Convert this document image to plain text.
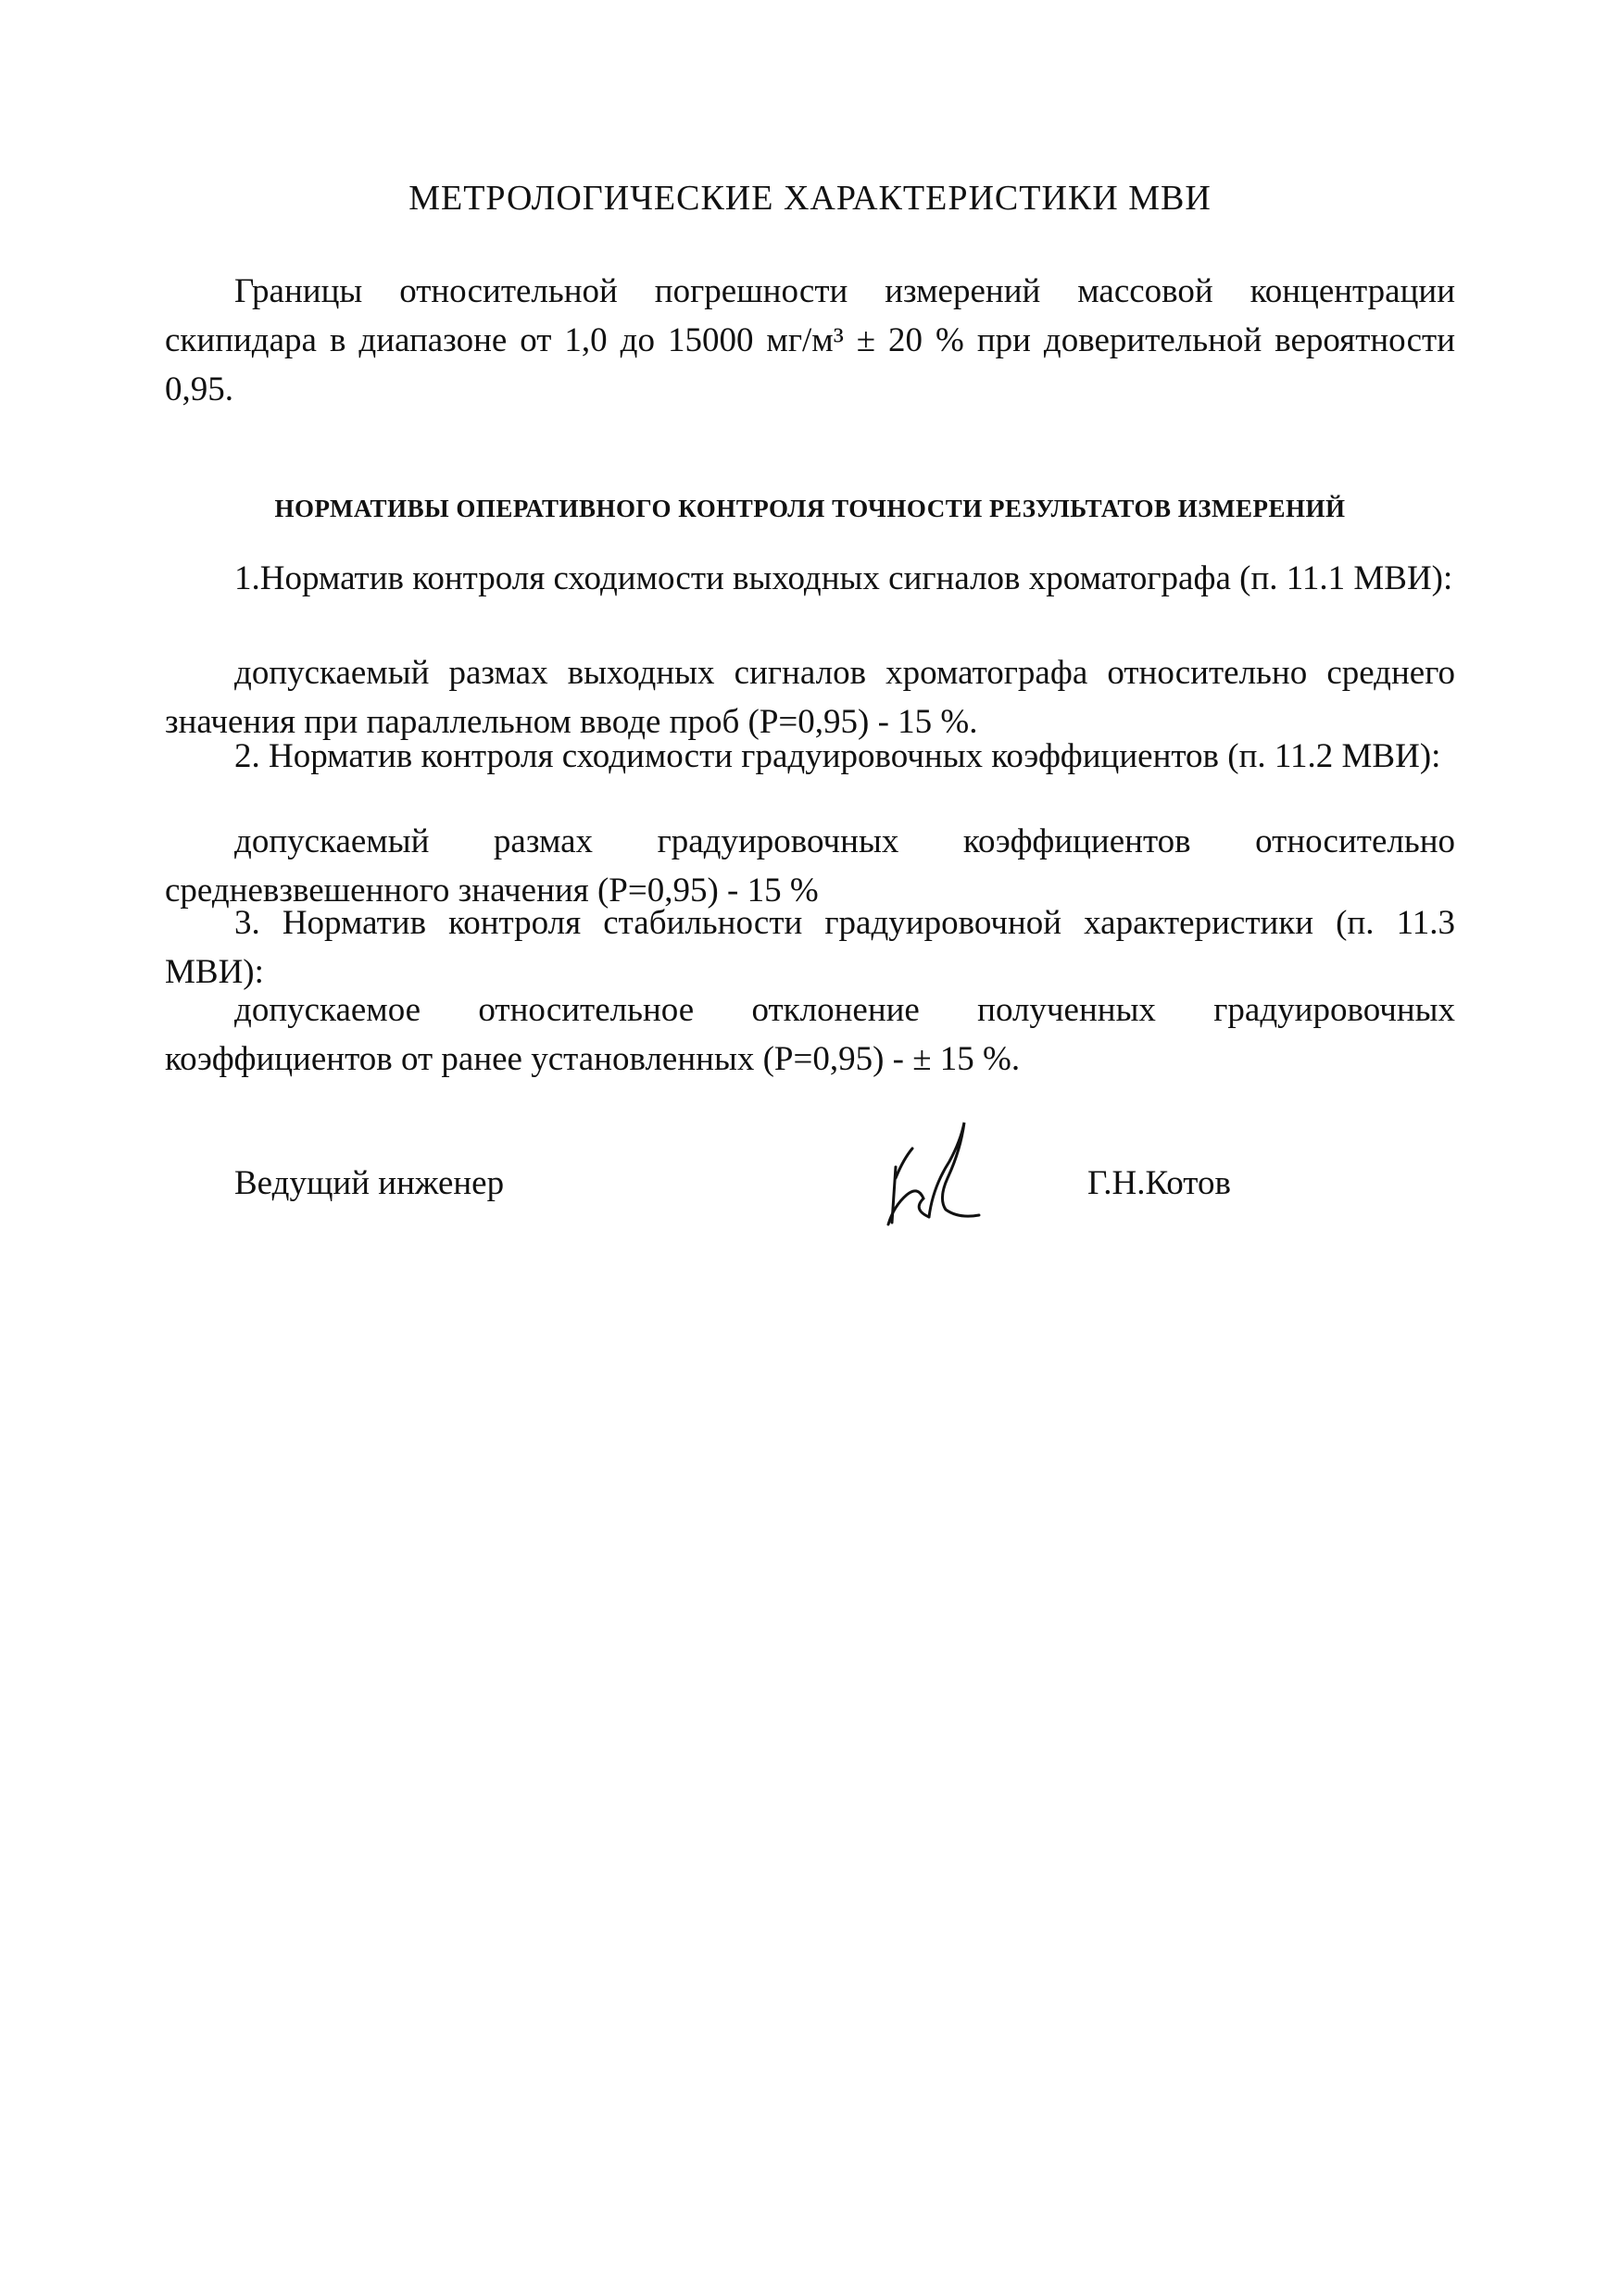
МЕТРОЛОГИЧЕСКИЕ ХАРАКТЕРИСТИКИ МВИ
Границы относительной погрешности измерений массовой концентрации скипидара в диапазоне от 1,0 до 15000 мг/м³ ± 20 % при доверительной вероятности 0,95.
НОРМАТИВЫ ОПЕРАТИВНОГО КОНТРОЛЯ ТОЧНОСТИ РЕЗУЛЬТАТОВ ИЗМЕРЕНИЙ
1.Норматив контроля сходимости выходных сигналов хроматографа (п. 11.1 МВИ):
допускаемый размах выходных сигналов хроматографа относительно среднего значения при параллельном вводе проб (Р=0,95) - 15 %.
2. Норматив контроля сходимости градуировочных коэффициентов (п. 11.2 МВИ):
допускаемый размах градуировочных коэффициентов относительно средневзвешенного значения (Р=0,95) - 15 %
3. Норматив контроля стабильности градуировочной характеристики (п. 11.3 МВИ):
допускаемое относительное отклонение полученных градуировочных коэффициентов от ранее установленных (Р=0,95) - ± 15 %.
Ведущий инженер	Г.Н.Котов
